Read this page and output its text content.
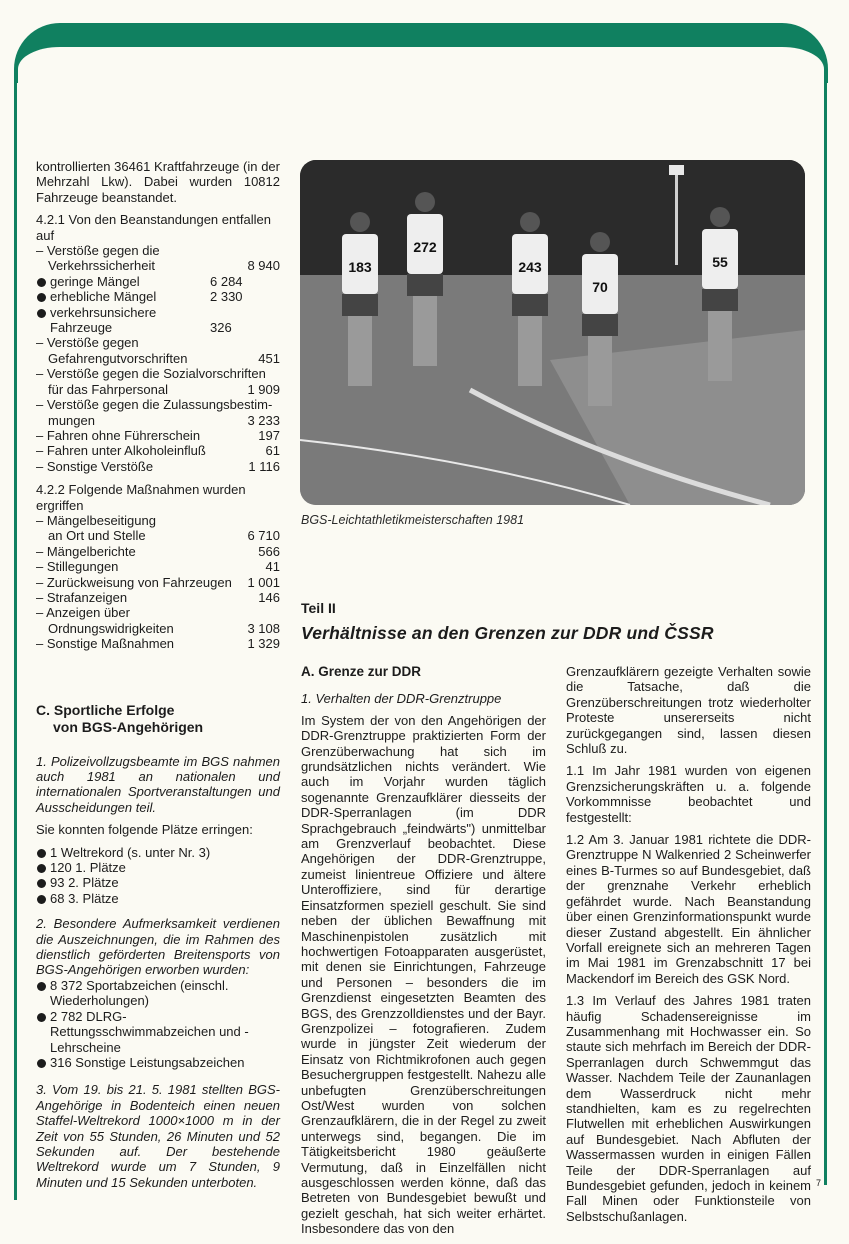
kontrollierten 36461 Kraftfahrzeuge (in der Mehrzahl Lkw). Dabei wurden 10812 Fahrzeuge beanstandet.

4.2.1 Von den Beanstandungen entfallen auf
– Verstöße gegen die
Verkehrssicherheit	8 940
geringe Mängel	6 284
erhebliche Mängel	2 330
verkehrsunsichere
Fahrzeuge	326
– Verstöße gegen
Gefahrengutvorschriften	451
– Verstöße gegen die Sozialvorschriften
für das Fahrpersonal	1 909
– Verstöße gegen die Zulassungsbestim-
mungen	3 233
– Fahren ohne Führerschein	197
– Fahren unter Alkoholeinfluß	61
– Sonstige Verstöße	1 116
4.2.2 Folgende Maßnahmen wurden ergriffen
– Mängelbeseitigung
an Ort und Stelle	6 710
– Mängelberichte	566
– Stillegungen	41
– Zurückweisung von Fahrzeugen	1 001
– Strafanzeigen	146
– Anzeigen über
Ordnungswidrigkeiten	3 108
– Sonstige Maßnahmen	1 329
C. Sportliche Erfolge
von BGS-Angehörigen

1. Polizeivollzugsbeamte im BGS nahmen auch 1981 an nationalen und internationalen Sportveranstaltungen und Ausscheidungen teil.

Sie konnten folgende Plätze erringen:

1 Weltrekord (s. unter Nr. 3)
120 1. Plätze
93 2. Plätze
68 3. Plätze

2. Besondere Aufmerksamkeit verdienen die Auszeichnungen, die im Rahmen des dienstlich geförderten Breitensports von BGS-Angehörigen erworben wurden:

8 372 Sportabzeichen (einschl. Wiederholungen)
2 782 DLRG-Rettungsschwimmabzeichen und -Lehrscheine
316 Sonstige Leistungsabzeichen

3. Vom 19. bis 21. 5. 1981 stellten BGS-Angehörige in Bodenteich einen neuen Staffel-Weltrekord 1000×1000 m in der Zeit von 55 Stunden, 26 Minuten und 52 Sekunden auf. Der bestehende Weltrekord wurde um 7 Stunden, 9 Minuten und 15 Sekunden unterboten.

183
272
243
70
55
BGS-Leichtathletikmeisterschaften 1981
Teil II
Verhältnisse an den Grenzen zur DDR und ČSSR
A. Grenze zur DDR
1. Verhalten der DDR-Grenztruppe

Im System der von den Angehörigen der DDR-Grenztruppe praktizierten Form der Grenzüberwachung hat sich im grundsätzlichen nichts verändert. Wie auch im Vorjahr wurden täglich sogenannte Grenzaufklärer diesseits der DDR-Sperranlagen (im DDR Sprachgebrauch „feindwärts") unmittelbar am Grenzverlauf beobachtet. Diese Angehörigen der DDR-Grenztruppe, zumeist linientreue Offiziere und ältere Unteroffiziere, sind für derartige Einsatzformen speziell geschult. Sie sind neben der üblichen Bewaffnung mit Maschinenpistolen zusätzlich mit hochwertigen Fotoapparaten ausgerüstet, mit denen sie Einrichtungen, Fahrzeuge und Personen – besonders die im Grenzdienst eingesetzten Beamten des BGS, des Grenzzolldienstes und der Bayr. Grenzpolizei – fotografieren. Zudem wurde in jüngster Zeit wiederum der Einsatz von Richtmikrofonen auch gegen Besuchergruppen festgestellt. Nahezu alle unbefugten Grenzüberschreitungen Ost/West wurden von solchen Grenzaufklärern, die in der Regel zu zweit unterwegs sind, begangen. Die im Tätigkeitsbericht 1980 geäußerte Vermutung, daß in Einzelfällen nicht ausgeschlossen werden könne, daß das Betreten von Bundesgebiet bewußt und gezielt geschah, hat sich weiter erhärtet. Insbesondere das von den

Grenzaufklärern gezeigte Verhalten sowie die Tatsache, daß die Grenzüberschreitungen trotz wiederholter Proteste unsererseits nicht zurückgegangen sind, lassen diesen Schluß zu.

1.1 Im Jahr 1981 wurden von eigenen Grenzsicherungskräften u. a. folgende Vorkommnisse beobachtet und festgestellt:

1.2 Am 3. Januar 1981 richtete die DDR-Grenztruppe N Walkenried 2 Scheinwerfer eines B-Turmes so auf Bundesgebiet, daß der grenznahe Verkehr erheblich gefährdet wurde. Nach Beanstandung über einen Grenzinformationspunkt wurde dieser Zustand abgestellt. Ein ähnlicher Vorfall ereignete sich an mehreren Tagen im Mai 1981 im Grenzabschnitt 17 bei Mackendorf im Bereich des GSK Nord.

1.3 Im Verlauf des Jahres 1981 traten häufig Schadensereignisse im Zusammenhang mit Hochwasser ein. So staute sich mehrfach im Bereich der DDR-Sperranlagen durch Schwemmgut das Wasser. Nachdem Teile der Zaunanlagen dem Wasserdruck nicht mehr standhielten, kam es zu regelrechten Flutwellen mit erheblichen Auswirkungen auf Bundesgebiet. Nach Abfluten der Wassermassen wurden in einigen Fällen Teile der DDR-Sperranlagen auf Bundesgebiet gefunden, jedoch in keinem Fall Minen oder Funktionsteile von Selbstschußanlagen.

7
